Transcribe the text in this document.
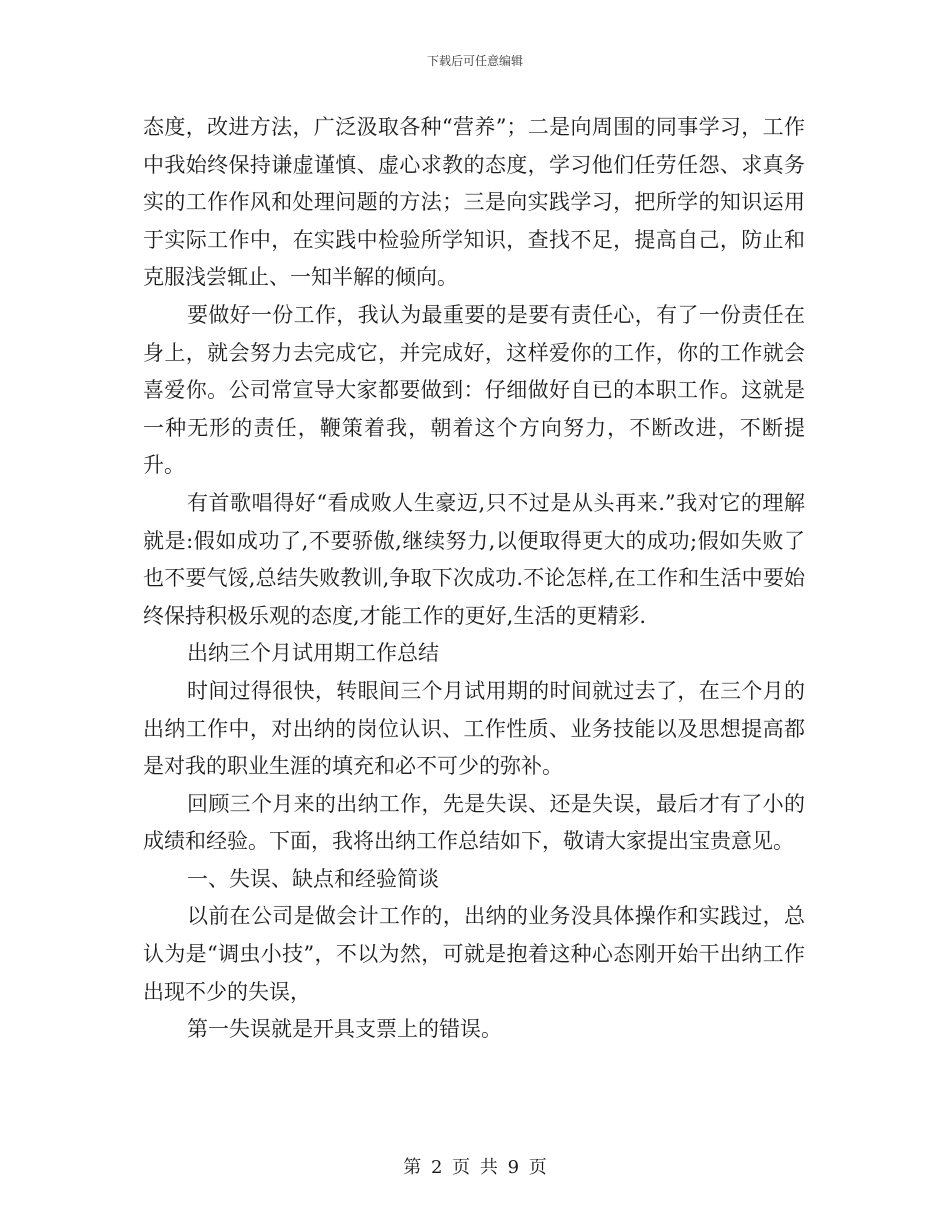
下载后可任意编辑

态度，改进方法，广泛汲取各种“营养”；二是向周围的同事学习，工作中我始终保持谦虚谨慎、虚心求教的态度，学习他们任劳任怨、求真务实的工作作风和处理问题的方法；三是向实践学习，把所学的知识运用于实际工作中，在实践中检验所学知识，查找不足，提高自己，防止和克服浅尝辄止、一知半解的倾向。

要做好一份工作，我认为最重要的是要有责任心，有了一份责任在身上，就会努力去完成它，并完成好，这样爱你的工作，你的工作就会喜爱你。公司常宣导大家都要做到：仔细做好自已的本职工作。这就是一种无形的责任，鞭策着我，朝着这个方向努力，不断改进，不断提升。

有首歌唱得好“看成败人生豪迈,只不过是从头再来.”我对它的理解就是:假如成功了,不要骄傲,继续努力,以便取得更大的成功;假如失败了也不要气馁,总结失败教训,争取下次成功.不论怎样,在工作和生活中要始终保持积极乐观的态度,才能工作的更好,生活的更精彩.

出纳三个月试用期工作总结

时间过得很快，转眼间三个月试用期的时间就过去了，在三个月的出纳工作中，对出纳的岗位认识、工作性质、业务技能以及思想提高都是对我的职业生涯的填充和必不可少的弥补。

回顾三个月来的出纳工作，先是失误、还是失误，最后才有了小的成绩和经验。下面，我将出纳工作总结如下，敬请大家提出宝贵意见。

一、失误、缺点和经验简谈

以前在公司是做会计工作的，出纳的业务没具体操作和实践过，总认为是“调虫小技”，不以为然，可就是抱着这种心态刚开始干出纳工作出现不少的失误，

第一失误就是开具支票上的错误。

第 2 页 共 9 页
